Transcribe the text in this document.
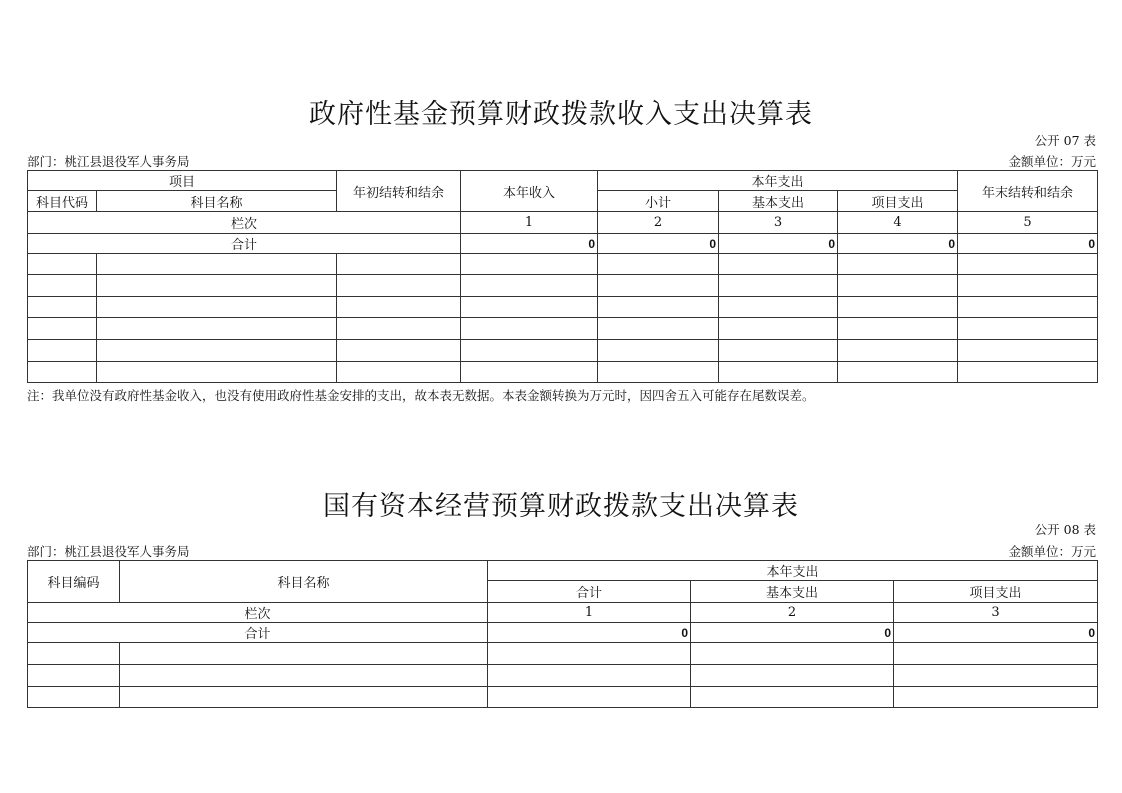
政府性基金预算财政拨款收入支出决算表
公开 07 表
部门：桃江县退役军人事务局	金额单位：万元
项目		年初结转和结余	本年收入	本年支出			年末结转和结余	
科目代码	科目名称			小计	基本支出	项目支出		
栏次			1	2	3	4	5	
合计			0	0	0	0	0	

注：我单位没有政府性基金收入，也没有使用政府性基金安排的支出，故本表无数据。本表金额转换为万元时，因四舍五入可能存在尾数误差。
国有资本经营预算财政拨款支出决算表
公开 08 表
部门：桃江县退役军人事务局	金额单位：万元
科目编码	科目名称	本年支出		
		合计	基本支出	项目支出
栏次		1	2	3
合计		0	0	0
